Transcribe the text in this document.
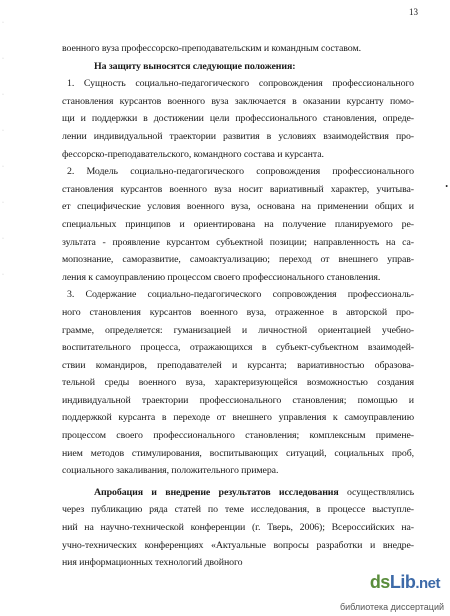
13
·
·
·
·
·
·
·
·
•
военного вуза профессорско-преподавательским и командным составом.
На защиту выносятся следующие положения:
1. Сущность социально-педагогического сопровождения профессионального
становления курсантов военного вуза заключается в оказании курсанту помо-
щи и поддержки в достижении цели профессионального становления, опреде-
лении индивидуальной траектории развития в условиях взаимодействия про-
фессорско-преподавательского, командного состава и курсанта.
2. Модель социально-педагогического сопровождения профессионального
становления курсантов военного вуза носит вариативный характер, учитыва-
ет специфические условия военного вуза, основана на применении общих и
специальных принципов и ориентирована на получение планируемого ре-
зультата - проявление курсантом субъектной позиции; направленность на са-
мопознание, саморазвитие, самоактуализацию; переход от внешнего управ-
ления к самоуправлению процессом своего профессионального становления.
3. Содержание социально-педагогического сопровождения профессиональ-
ного становления курсантов военного вуза, отраженное в авторской про-
грамме, определяется: гуманизацией и личностной ориентацией учебно-
воспитательного процесса, отражающихся в субъект-субъектном взаимодей-
ствии командиров, преподавателей и курсанта; вариативностью образова-
тельной среды военного вуза, характеризующейся возможностью создания
индивидуальной траектории профессионального становления; помощью и
поддержкой курсанта в переходе от внешнего управления к самоуправлению
процессом своего профессионального становления; комплексным примене-
нием методов стимулирования, воспитывающих ситуаций, социальных проб,
социального закаливания, положительного примера.
Апробация и внедрение результатов исследования осуществлялись
через публикацию ряда статей по теме исследования, в процессе выступле-
ний на научно-технической конференции (г. Тверь, 2006); Всероссийских на-
учно-технических конференциях «Актуальные вопросы разработки и внедре-
ния информационных технологий двойного
dsLib.net
библиотека диссертаций
